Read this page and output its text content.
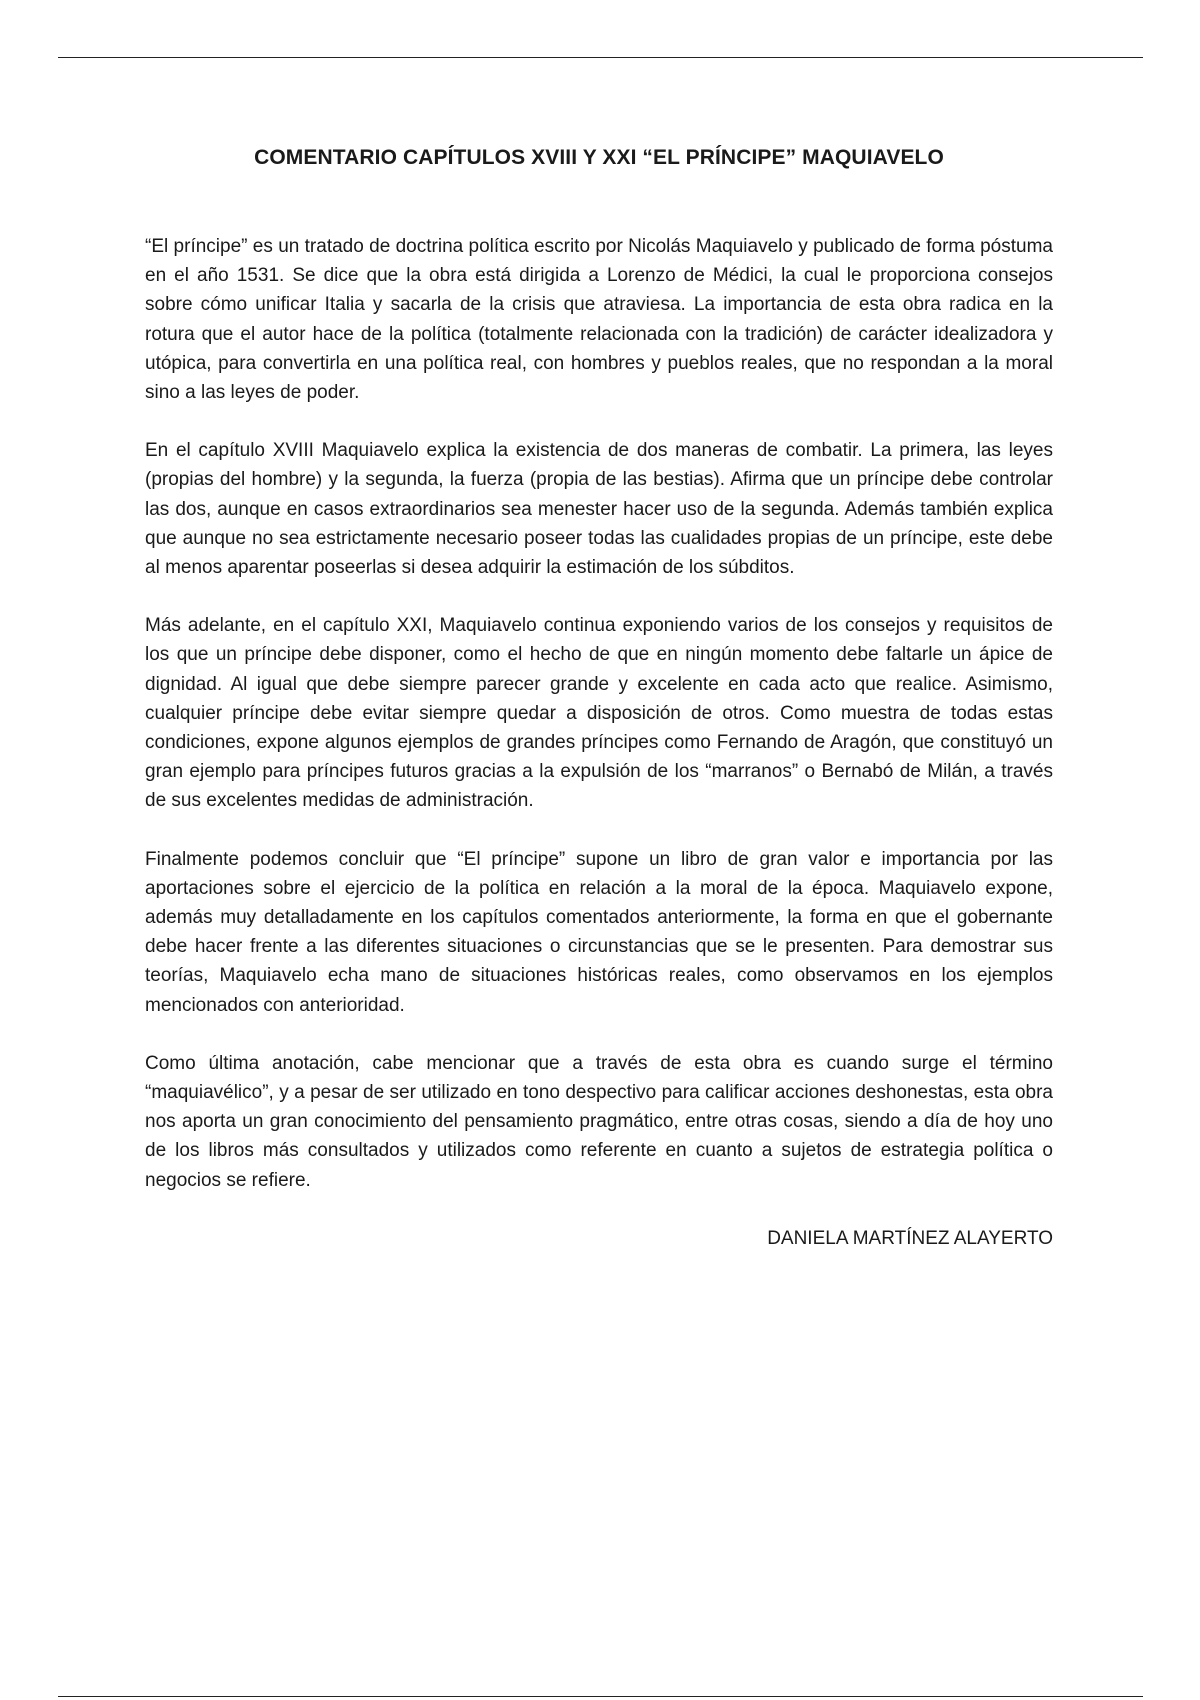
COMENTARIO CAPÍTULOS XVIII Y XXI “EL PRÍNCIPE” MAQUIAVELO

“El príncipe” es un tratado de doctrina política escrito por Nicolás Maquiavelo y publicado de forma póstuma en el año 1531. Se dice que la obra está dirigida a Lorenzo de Médici, la cual le proporciona consejos sobre cómo unificar Italia y sacarla de la crisis que atraviesa. La importancia de esta obra radica en la rotura que el autor hace de la política (totalmente relacionada con la tradición) de carácter idealizadora y utópica, para convertirla en una política real, con hombres y pueblos reales, que no respondan a la moral sino a las leyes de poder.

En el capítulo XVIII Maquiavelo explica la existencia de dos maneras de combatir. La primera, las leyes (propias del hombre) y la segunda, la fuerza (propia de las bestias). Afirma que un príncipe debe controlar las dos, aunque en casos extraordinarios sea menester hacer uso de la segunda. Además también explica que aunque no sea estrictamente necesario poseer todas las cualidades propias de un príncipe, este debe al menos aparentar poseerlas si desea adquirir la estimación de los súbditos.

Más adelante, en el capítulo XXI, Maquiavelo continua exponiendo varios de los consejos y requisitos de los que un príncipe debe disponer, como el hecho de que en ningún momento debe faltarle un ápice de dignidad. Al igual que debe siempre parecer grande y excelente en cada acto que realice. Asimismo, cualquier príncipe debe evitar siempre quedar a disposición de otros. Como muestra de todas estas condiciones, expone algunos ejemplos de grandes príncipes como Fernando de Aragón, que constituyó un gran ejemplo para príncipes futuros gracias a la expulsión de los “marranos” o Bernabó de Milán, a través de sus excelentes medidas de administración.

Finalmente podemos concluir que “El príncipe” supone un libro de gran valor e importancia por las aportaciones sobre el ejercicio de la política en relación a la moral de la época. Maquiavelo expone, además muy detalladamente en los capítulos comentados anteriormente, la forma en que el gobernante debe hacer frente a las diferentes situaciones o circunstancias que se le presenten. Para demostrar sus teorías, Maquiavelo echa mano de situaciones históricas reales, como observamos en los ejemplos mencionados con anterioridad.

Como última anotación, cabe mencionar que a través de esta obra es cuando surge el término “maquiavélico”, y a pesar de ser utilizado en tono despectivo para calificar acciones deshonestas, esta obra nos aporta un gran conocimiento del pensamiento pragmático, entre otras cosas, siendo a día de hoy uno de los libros más consultados y utilizados como referente en cuanto a sujetos de estrategia política o negocios se refiere.

DANIELA MARTÍNEZ ALAYERTO
